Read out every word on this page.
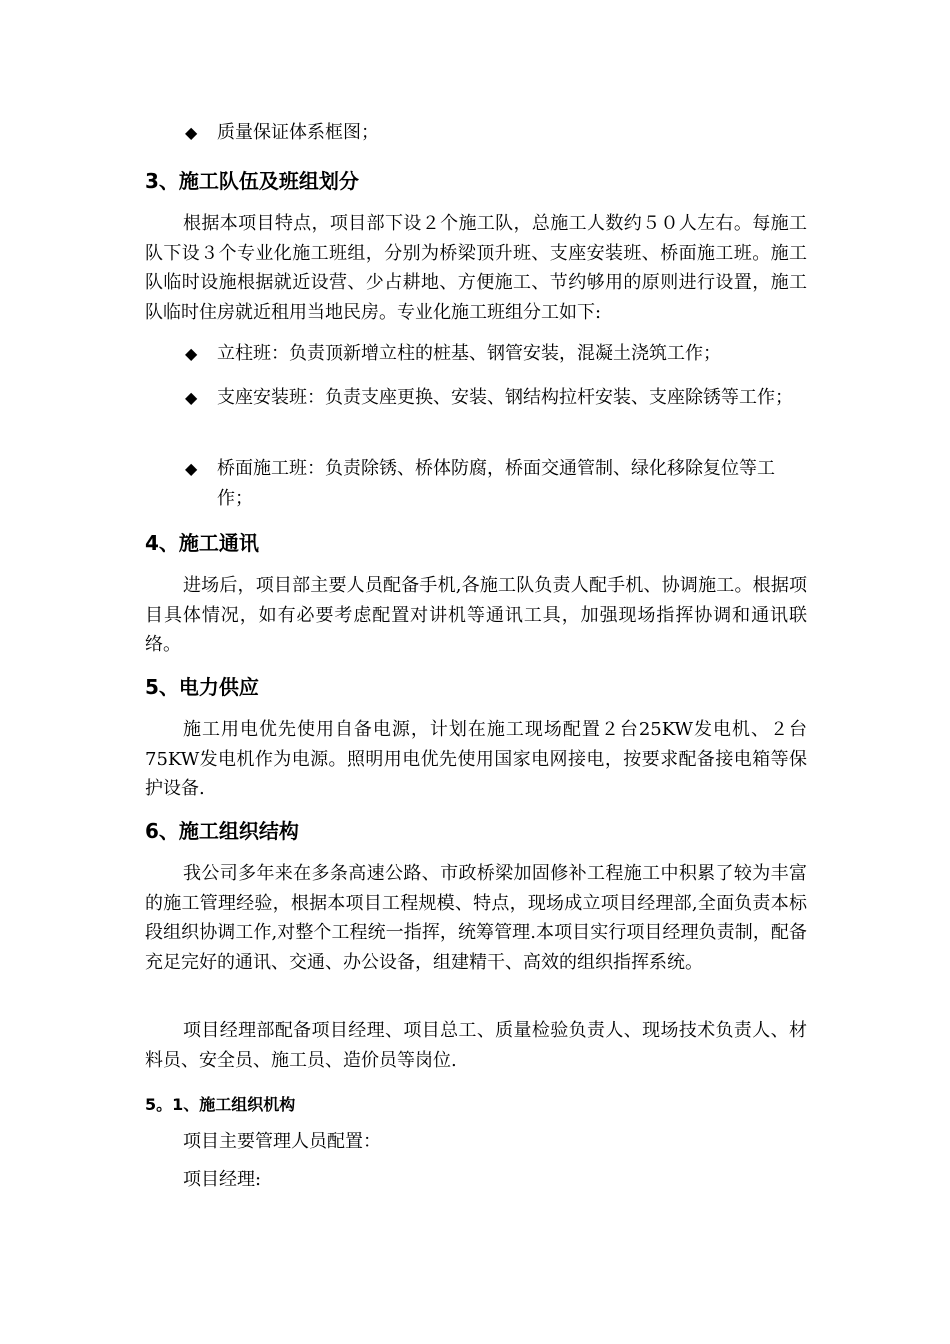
◆	质量保证体系框图；
3、施工队伍及班组划分
根据本项目特点，项目部下设２个施工队，总施工人数约５０人左右。每施工队下设３个专业化施工班组，分别为桥梁顶升班、支座安装班、桥面施工班。施工队临时设施根据就近设营、少占耕地、方便施工、节约够用的原则进行设置，施工队临时住房就近租用当地民房。专业化施工班组分工如下:
◆	立柱班：负责顶新增立柱的桩基、钢管安装，混凝土浇筑工作；
◆	支座安装班：负责支座更换、安装、钢结构拉杆安装、支座除锈等工作；
◆	桥面施工班：负责除锈、桥体防腐，桥面交通管制、绿化移除复位等工作；
4、施工通讯
进场后，项目部主要人员配备手机,各施工队负责人配手机、协调施工。根据项目具体情况，如有必要考虑配置对讲机等通讯工具，加强现场指挥协调和通讯联络。
5、电力供应
施工用电优先使用自备电源，计划在施工现场配置２台25KW发电机、２台75KW发电机作为电源。照明用电优先使用国家电网接电，按要求配备接电箱等保护设备.
6、施工组织结构
我公司多年来在多条高速公路、市政桥梁加固修补工程施工中积累了较为丰富的施工管理经验，根据本项目工程规模、特点，现场成立项目经理部,全面负责本标段组织协调工作,对整个工程统一指挥，统筹管理.本项目实行项目经理负责制，配备充足完好的通讯、交通、办公设备，组建精干、高效的组织指挥系统。
项目经理部配备项目经理、项目总工、质量检验负责人、现场技术负责人、材料员、安全员、施工员、造价员等岗位.
5。1、施工组织机构
项目主要管理人员配置：
项目经理:
